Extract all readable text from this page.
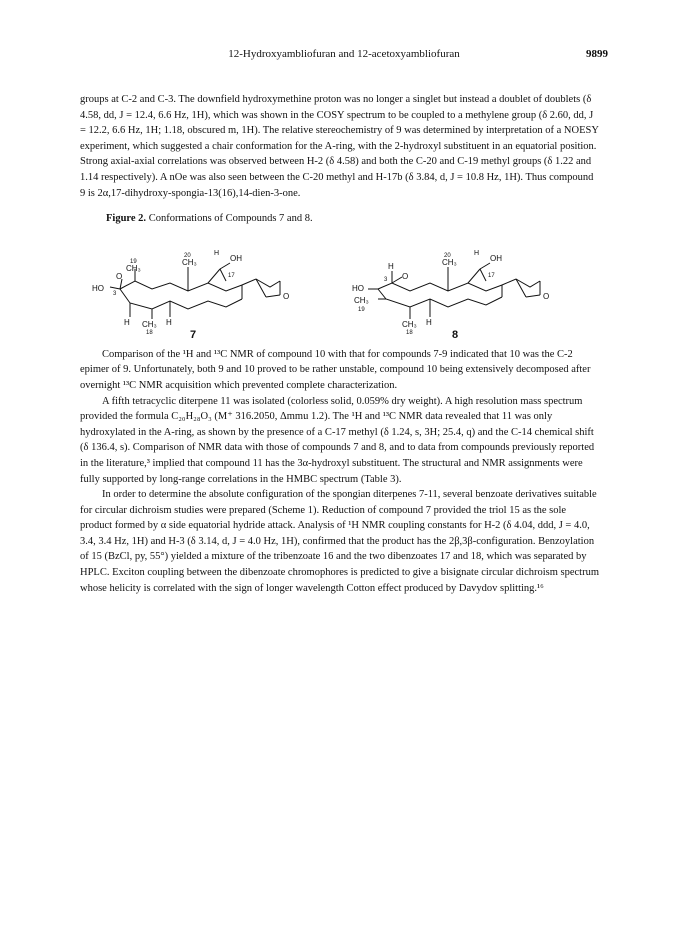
12-Hydroxyambliofuran and 12-acetoxyambliofuran	9899

groups at C-2 and C-3. The downfield hydroxymethine proton was no longer a singlet but instead a doublet of doublets (δ 4.58, dd, J = 12.4, 6.6 Hz, 1H), which was shown in the COSY spectrum to be coupled to a methylene group (δ 2.60, dd, J = 12.2, 6.6 Hz, 1H; 1.18, obscured m, 1H). The relative stereochemistry of 9 was determined by interpretation of a NOESY experiment, which suggested a chair conformation for the A-ring, with the 2-hydroxyl substituent in an equatorial position. Strong axial-axial correlations was observed between H-2 (δ 4.58) and both the C-20 and C-19 methyl groups (δ 1.22 and 1.14 respectively). A nOe was also seen between the C-20 methyl and H-17b (δ 3.84, d, J = 10.8 Hz, 1H). Thus compound 9 is 2α,17-dihydroxy-spongia-13(16),14-dien-3-one.

Figure 2. Conformations of Compounds 7 and 8.
OH
H
20
CH₃
17
O
O
19
CH₃
HO
3
H CH₃
18
H
OH
H
20
CH₃
17
O
H
3 O
HO
CH₃
19
CH₃
18
H
7	8

Comparison of the ¹H and ¹³C NMR of compound 10 with that for compounds 7-9 indicated that 10 was the C-2 epimer of 9. Unfortunately, both 9 and 10 proved to be rather unstable, compound 10 being extensively decomposed after overnight ¹³C NMR acquisition which prevented complete characterization.

A fifth tetracyclic diterpene 11 was isolated (colorless solid, 0.059% dry weight). A high resolution mass spectrum provided the formula C₂₀H₂₈O₃ (M⁺ 316.2050, Δmmu 1.2). The ¹H and ¹³C NMR data revealed that 11 was only hydroxylated in the A-ring, as shown by the presence of a C-17 methyl (δ 1.24, s, 3H; 25.4, q) and the C-14 chemical shift (δ 136.4, s). Comparison of NMR data with those of compounds 7 and 8, and to data from compounds previously reported in the literature,³ implied that compound 11 has the 3α-hydroxyl substituent. The structural and NMR assignments were fully supported by long-range correlations in the HMBC spectrum (Table 3).

In order to determine the absolute configuration of the spongian diterpenes 7-11, several benzoate derivatives suitable for circular dichroism studies were prepared (Scheme 1). Reduction of compound 7 provided the triol 15 as the sole product formed by α side equatorial hydride attack. Analysis of ¹H NMR coupling constants for H-2 (δ 4.04, ddd, J = 4.0, 3.4, 3.4 Hz, 1H) and H-3 (δ 3.14, d, J = 4.0 Hz, 1H), confirmed that the product has the 2β,3β-configuration. Benzoylation of 15 (BzCl, py, 55°) yielded a mixture of the tribenzoate 16 and the two dibenzoates 17 and 18, which was separated by HPLC. Exciton coupling between the dibenzoate chromophores is predicted to give a bisignate circular dichroism spectrum whose helicity is correlated with the sign of longer wavelength Cotton effect produced by Davydov splitting.¹⁶
